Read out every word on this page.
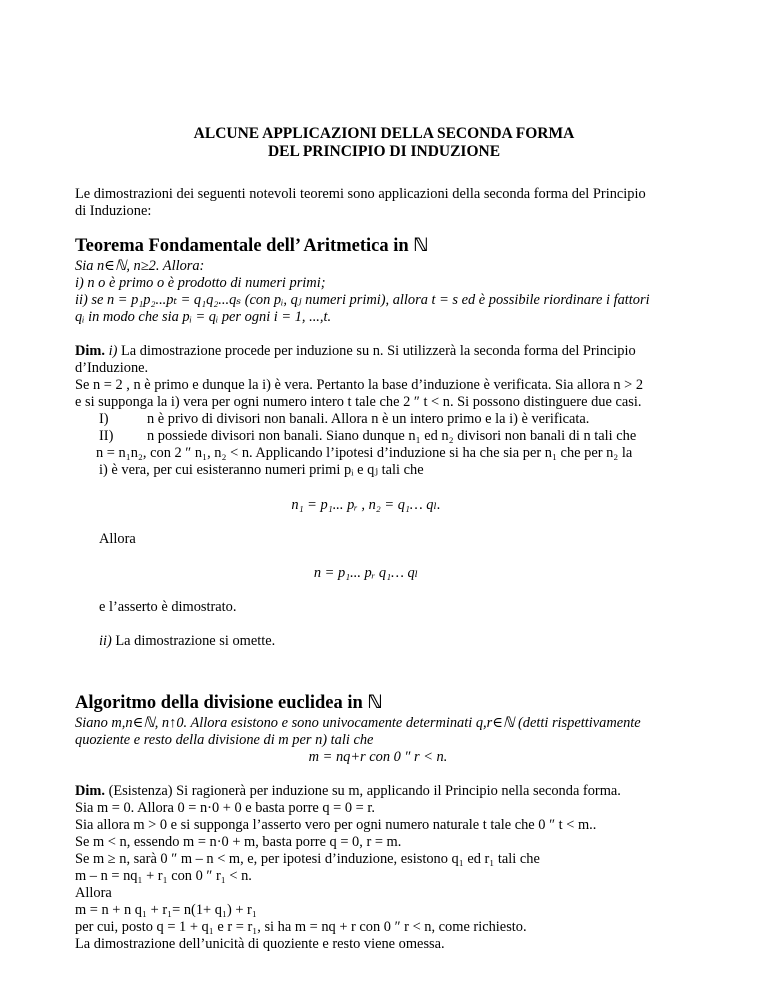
ALCUNE APPLICAZIONI DELLA SECONDA FORMA
DEL PRINCIPIO DI INDUZIONE
Le dimostrazioni dei seguenti notevoli teoremi sono applicazioni della seconda forma del Principio
di Induzione:
Teorema Fondamentale dell’ Aritmetica in ℕ
Sia n∈ℕ, n≥2. Allora:
i) n o è primo o è prodotto di numeri primi;
ii) se n = p₁p₂...pₜ = q₁q₂...qₛ (con pᵢ, qⱼ numeri primi), allora t = s ed è possibile riordinare i fattori
qᵢ in modo che sia pᵢ = qᵢ per ogni i = 1, ...,t.
Dim. i) La dimostrazione procede per induzione su n. Si utilizzerà la seconda forma del Principio
d’Induzione.
Se n = 2 , n è primo e dunque la i) è vera. Pertanto la base d’induzione è verificata. Sia allora n > 2
e si supponga la i) vera per ogni numero intero t tale che 2 ″ t < n. Si possono distinguere due casi.
I)	n è privo di divisori non banali. Allora n è un intero primo e la i) è verificata.
II) n possiede divisori non banali. Siano dunque n₁ ed n₂ divisori non banali di n tali che
n = n₁n₂, con 2 ″ n₁, n₂ < n. Applicando l’ipotesi d’induzione si ha che sia per n₁ che per n₂ la
i) è vera, per cui esisteranno numeri primi pᵢ e qⱼ tali che
n₁ = p₁... pᵣ , n₂ = q₁… qₗ.
Allora
n = p₁... pᵣ q₁… qₗ
e l’asserto è dimostrato.
ii) La dimostrazione si omette.
Algoritmo della divisione euclidea in ℕ
Siano m,n∈ℕ, n↑0. Allora esistono e sono univocamente determinati q,r∈ℕ (detti rispettivamente
quoziente e resto della divisione di m per n) tali che
m = nq+r con 0 ″ r < n.
Dim. (Esistenza) Si ragionerà per induzione su m, applicando il Principio nella seconda forma.
Sia m = 0. Allora 0 = n·0 + 0 e basta porre q = 0 = r.
Sia allora m > 0 e si supponga l’asserto vero per ogni numero naturale t tale che 0 ″ t < m..
Se m < n, essendo m = n·0 + m, basta porre q = 0, r = m.
Se m ≥ n, sarà 0 ″ m – n < m, e, per ipotesi d’induzione, esistono q₁ ed r₁ tali che
m – n = nq₁ + r₁ con 0 ″ r₁ < n.
Allora
m = n + n q₁ + r₁= n(1+ q₁) + r₁
per cui, posto q = 1 + q₁ e r = r₁, si ha m = nq + r con 0 ″ r < n, come richiesto.
La dimostrazione dell’unicità di quoziente e resto viene omessa.
